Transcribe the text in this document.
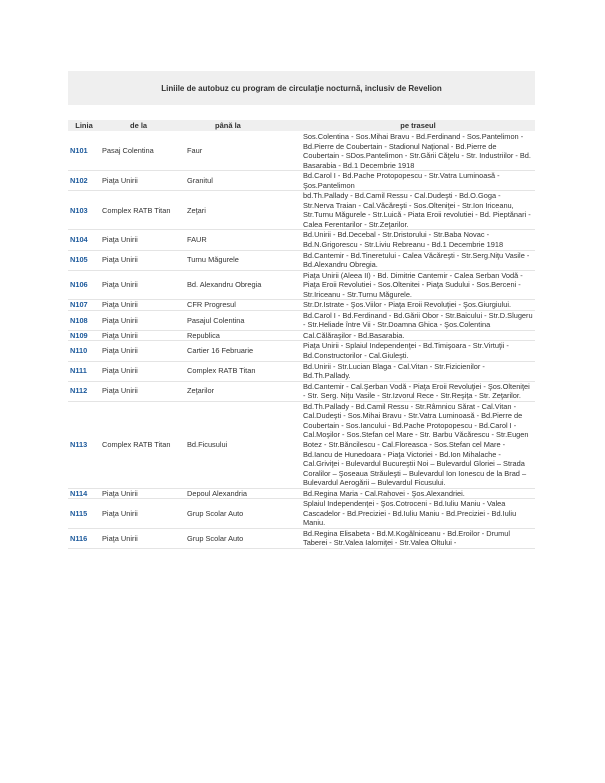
Liniile de autobuz cu program de circulaţie nocturnă, inclusiv de Revelion
Linia	de la	până la	pe traseul
N101	Pasaj Colentina	Faur	Sos.Colentina - Sos.Mihai Bravu - Bd.Ferdinand - Sos.Pantelimon - Bd.Pierre de Coubertain - Stadionul Naţional - Bd.Pierre de Coubertain - SDos.Pantelimon - Str.Gării Căţelu - Str. Industriilor - Bd. Basarabia - Bd.1 Decembrie 1918
N102	Piaţa Unirii	Granitul	Bd.Carol I - Bd.Pache Protopopescu - Str.Vatra Luminoasă - Şos.Pantelimon
N103	Complex RATB Titan	Zeţari	bd.Th.Pallady - Bd.Camil Ressu - Cal.Dudeşti - Bd.O.Goga - Str.Nerva Traian - Cal.Văcăreşti - Sos.Olteniţei - Str.Ion Iriceanu, Str.Turnu Măgurele - Str.Luică - Piata Eroii revolutiei - Bd. Pieptănari - Calea Ferentarilor - Str.Zeţarilor.
N104	Piaţa Unirii	FAUR	Bd.Unirii - Bd.Decebal - Str.Dristorului - Str.Baba Novac - Bd.N.Grigorescu - Str.Liviu Rebreanu - Bd.1 Decembrie 1918
N105	Piaţa Unirii	Turnu Măgurele	Bd.Cantemir - Bd.Tineretului - Calea Văcăreşti - Str.Serg.Niţu Vasile - Bd.Alexandru Obregia.
N106	Piaţa Unirii	Bd. Alexandru Obregia	Piaţa Unirii (Aleea II) - Bd. Dimitrie Cantemir - Calea Serban Vodă - Piaţa Eroii Revolutiei - Sos.Oltenitei - Piaţa Sudului - Sos.Berceni - Str.Iriceanu - Str.Turnu Măgurele.
N107	Piaţa Unirii	CFR Progresul	Str.Dr.Istrate - Şos.Viilor - Piaţa Eroii Revoluţiei - Şos.Giurgiului.
N108	Piaţa Unirii	Pasajul Colentina	Bd.Carol I - Bd.Ferdinand - Bd.Gării Obor - Str.Baicului - Str.D.Slugeru - Str.Heliade între Vii - Str.Doamna Ghica - Şos.Colentina
N109	Piaţa Unirii	Republica	Cal.Călăraşilor - Bd.Basarabia.
N110	Piaţa Unirii	Cartier 16 Februarie	Piaţa Unirii - Splaiul Independenţei - Bd.Timişoara - Str.Virtuţii - Bd.Constructorilor - Cal.Giuleşti.
N111	Piaţa Unirii	Complex RATB Titan	Bd.Unirii - Str.Lucian Blaga - Cal.Vitan - Str.Fizicienilor - Bd.Th.Pallady.
N112	Piaţa Unirii	Zeţarilor	Bd.Cantemir - Cal.Şerban Vodă - Piaţa Eroii Revoluţiei - Şos.Olteniţei - Str. Serg. Niţu Vasile - Str.Izvorul Rece - Str.Reşiţa - Str. Zeţarilor.
N113	Complex RATB Titan	Bd.Ficusului	Bd.Th.Pallady - Bd.Camil Ressu - Str.Râmnicu Sărat - Cal.Vitan - Cal.Dudeşti - Sos.Mihai Bravu - Str.Vatra Luminoasă - Bd.Pierre de Coubertain - Sos.Iancului - Bd.Pache Protopopescu - Bd.Carol I - Cal.Moşilor - Sos.Stefan cel Mare - Str. Barbu Văcărescu - Str.Eugen Botez - Str.Băncilescu - Cal.Floreasca - Sos.Stefan cel Mare - Bd.Iancu de Hunedoara - Piaţa Victoriei - Bd.Ion Mihalache - Cal.Griviţei - Bulevardul Bucureştii Noi – Bulevardul Gloriei – Strada Coralilor – Şoseaua Străuleşti – Bulevardul Ion Ionescu de la Brad – Bulevardul Aerogării – Bulevardul Ficusului.
N114	Piaţa Unirii	Depoul Alexandria	Bd.Regina Maria - Cal.Rahovei - Şos.Alexandriei.
N115	Piaţa Unirii	Grup Scolar Auto	Splaiul Independenţei - Şos.Cotroceni - Bd.Iuliu Maniu - Valea Cascadelor - Bd.Preciziei - Bd.Iuliu Maniu - Bd.Preciziei - Bd.Iuliu Maniu.
N116	Piaţa Unirii	Grup Scolar Auto	Bd.Regina Elisabeta - Bd.M.Kogălniceanu - Bd.Eroilor - Drumul Taberei - Str.Valea Ialomiţei - Str.Valea Oltului -
